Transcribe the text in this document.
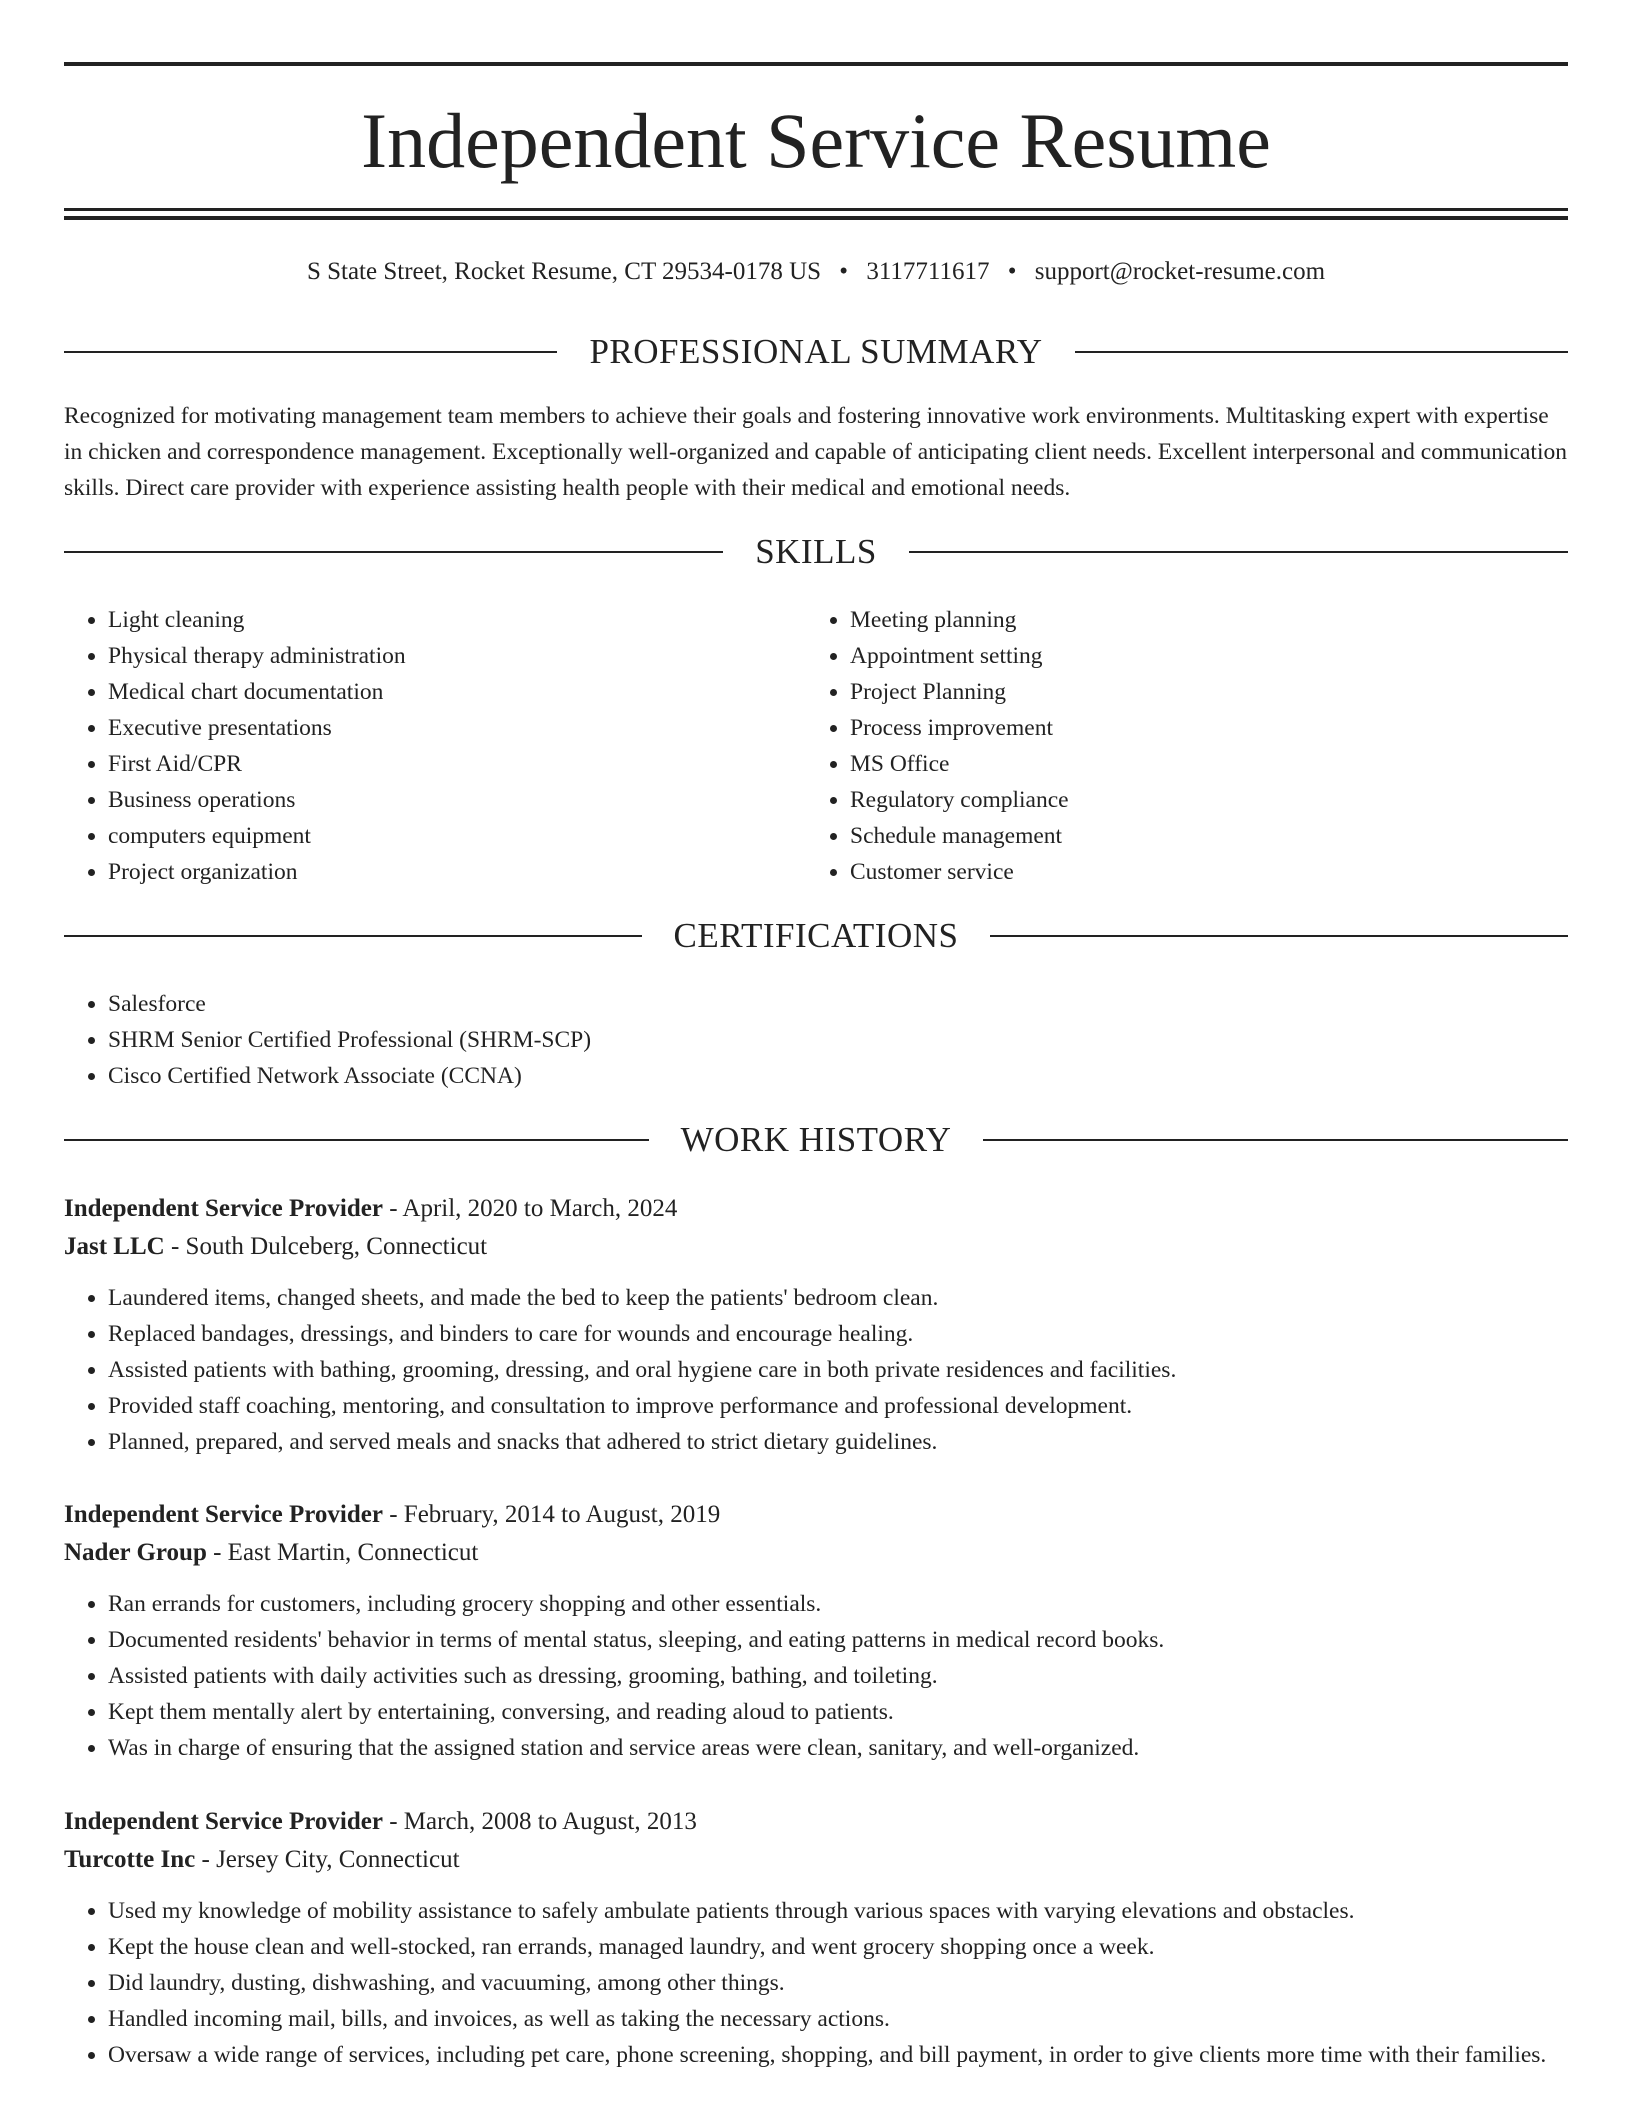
Independent Service Resume
S State Street, Rocket Resume, CT 29534-0178 US • 3117711617 • support@rocket-resume.com
PROFESSIONAL SUMMARY

Recognized for motivating management team members to achieve their goals and fostering innovative work environments. Multitasking expert with expertise in chicken and correspondence management. Exceptionally well-organized and capable of anticipating client needs. Excellent interpersonal and communication skills. Direct care provider with experience assisting health people with their medical and emotional needs.

SKILLS
• Light cleaning
• Physical therapy administration
• Medical chart documentation
• Executive presentations
• First Aid/CPR
• Business operations
• computers equipment
• Project organization
• Meeting planning
• Appointment setting
• Project Planning
• Process improvement
• MS Office
• Regulatory compliance
• Schedule management
• Customer service
CERTIFICATIONS
• Salesforce
• SHRM Senior Certified Professional (SHRM-SCP)
• Cisco Certified Network Associate (CCNA)
WORK HISTORY
Independent Service Provider - April, 2020 to March, 2024
Jast LLC - South Dulceberg, Connecticut
• Laundered items, changed sheets, and made the bed to keep the patients' bedroom clean.
• Replaced bandages, dressings, and binders to care for wounds and encourage healing.
• Assisted patients with bathing, grooming, dressing, and oral hygiene care in both private residences and facilities.
• Provided staff coaching, mentoring, and consultation to improve performance and professional development.
• Planned, prepared, and served meals and snacks that adhered to strict dietary guidelines.
Independent Service Provider - February, 2014 to August, 2019
Nader Group - East Martin, Connecticut
• Ran errands for customers, including grocery shopping and other essentials.
• Documented residents' behavior in terms of mental status, sleeping, and eating patterns in medical record books.
• Assisted patients with daily activities such as dressing, grooming, bathing, and toileting.
• Kept them mentally alert by entertaining, conversing, and reading aloud to patients.
• Was in charge of ensuring that the assigned station and service areas were clean, sanitary, and well-organized.
Independent Service Provider - March, 2008 to August, 2013
Turcotte Inc - Jersey City, Connecticut
• Used my knowledge of mobility assistance to safely ambulate patients through various spaces with varying elevations and obstacles.
• Kept the house clean and well-stocked, ran errands, managed laundry, and went grocery shopping once a week.
• Did laundry, dusting, dishwashing, and vacuuming, among other things.
• Handled incoming mail, bills, and invoices, as well as taking the necessary actions.
• Oversaw a wide range of services, including pet care, phone screening, shopping, and bill payment, in order to give clients more time with their families.
